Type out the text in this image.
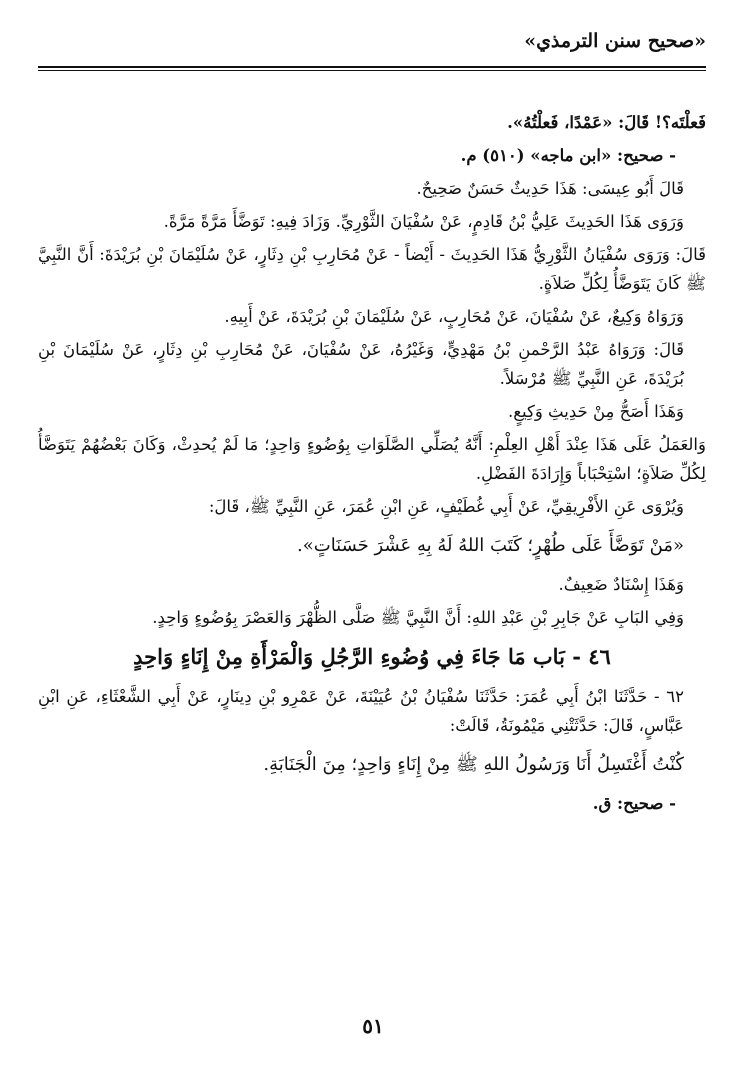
«صحيح سنن الترمذي»

فَعلْتَه؟! قَالَ: «عَمْدًا، فَعلْتُهُ».

- صحيح: «ابن ماجه» (٥١٠) م.

قَالَ أَبُو عِيسَى: هَذَا حَدِيثٌ حَسَنٌ صَحِيحٌ.

وَرَوَى هَذَا الحَدِيثَ عَلِيُّ بْنُ قَادِمٍ، عَنْ سُفْيَانَ الثَّوْرِيِّ. وَزَادَ فِيهِ: تَوَضَّأَ مَرَّةً مَرَّةً.

قَالَ: وَرَوَى سُفْيَانُ الثَّوْرِيُّ هَذَا الحَدِيثَ - أَيْضاً - عَنْ مُحَارِبِ بْنِ دِثَارٍ، عَنْ سُلَيْمَانَ بْنِ بُرَيْدَةَ: أَنَّ النَّبِيَّ ﷺ كَانَ يَتَوَضَّأُ لِكُلِّ صَلاَةٍ.

وَرَوَاهُ وَكِيعٌ، عَنْ سُفْيَانَ، عَنْ مُحَارِبٍ، عَنْ سُلَيْمَانَ بْنِ بُرَيْدَةَ، عَنْ أَبِيهِ.

قَالَ: وَرَوَاهُ عَبْدُ الرَّحْمنِ بْنُ مَهْدِيٍّ، وَغَيْرُهُ، عَنْ سُفْيَانَ، عَنْ مُحَارِبِ بْنِ دِثَارٍ، عَنْ سُلَيْمَانَ بْنِ بُرَيْدَةَ، عَنِ النَّبِيِّ ﷺ مُرْسَلاً.

وَهَذَا أَصَحُّ مِنْ حَدِيثِ وَكِيعٍ.

وَالعَمَلُ عَلَى هَذَا عِنْدَ أَهْلِ العِلْمِ: أَنَّهُ يُصَلِّي الصَّلَوَاتِ بِوُضُوءٍ وَاحِدٍ؛ مَا لَمْ يُحدِثْ، وَكَانَ بَعْضُهُمْ يَتَوَضَّأُ لِكُلِّ صَلاَةٍ؛ اسْتِحْبَاباً وَإِرَادَةَ الفَضْلِ.

وَيُرْوَى عَنِ الأَفْرِيقِيِّ، عَنْ أَبِي غُطَيْفٍ، عَنِ ابْنِ عُمَرَ، عَنِ النَّبِيِّ ﷺ، قَالَ:

«مَنْ تَوَضَّأَ عَلَى طُهْرٍ؛ كَتَبَ اللهُ لَهُ بِهِ عَشْرَ حَسَنَاتٍ».

وَهَذَا إِسْنَادٌ ضَعِيفٌ.

وَفِي البَابِ عَنْ جَابِرِ بْنِ عَبْدِ اللهِ: أَنَّ النَّبِيَّ ﷺ صَلَّى الظُّهْرَ وَالعَصْرَ بِوُضُوءٍ وَاحِدٍ.

٤٦ - بَاب مَا جَاءَ فِي وُضُوءِ الرَّجُلِ وَالْمَرْأَةِ مِنْ إِنَاءٍ وَاحِدٍ

٦٢ - حَدَّثَنَا ابْنُ أَبِي عُمَرَ: حَدَّثَنَا سُفْيَانُ بْنُ عُيَيْنَةَ، عَنْ عَمْرِو بْنِ دِينَارٍ، عَنْ أَبِي الشَّعْثَاءِ، عَنِ ابْنِ عَبَّاسٍ، قَالَ: حَدَّثَتْنِي مَيْمُونَةُ، قَالَتْ:

كُنْتُ أَغْتَسِلُ أَنَا وَرَسُولُ اللهِ ﷺ مِنْ إِنَاءٍ وَاحِدٍ؛ مِنَ الْجَنَابَةِ.

- صحيح: ق.

٥١
